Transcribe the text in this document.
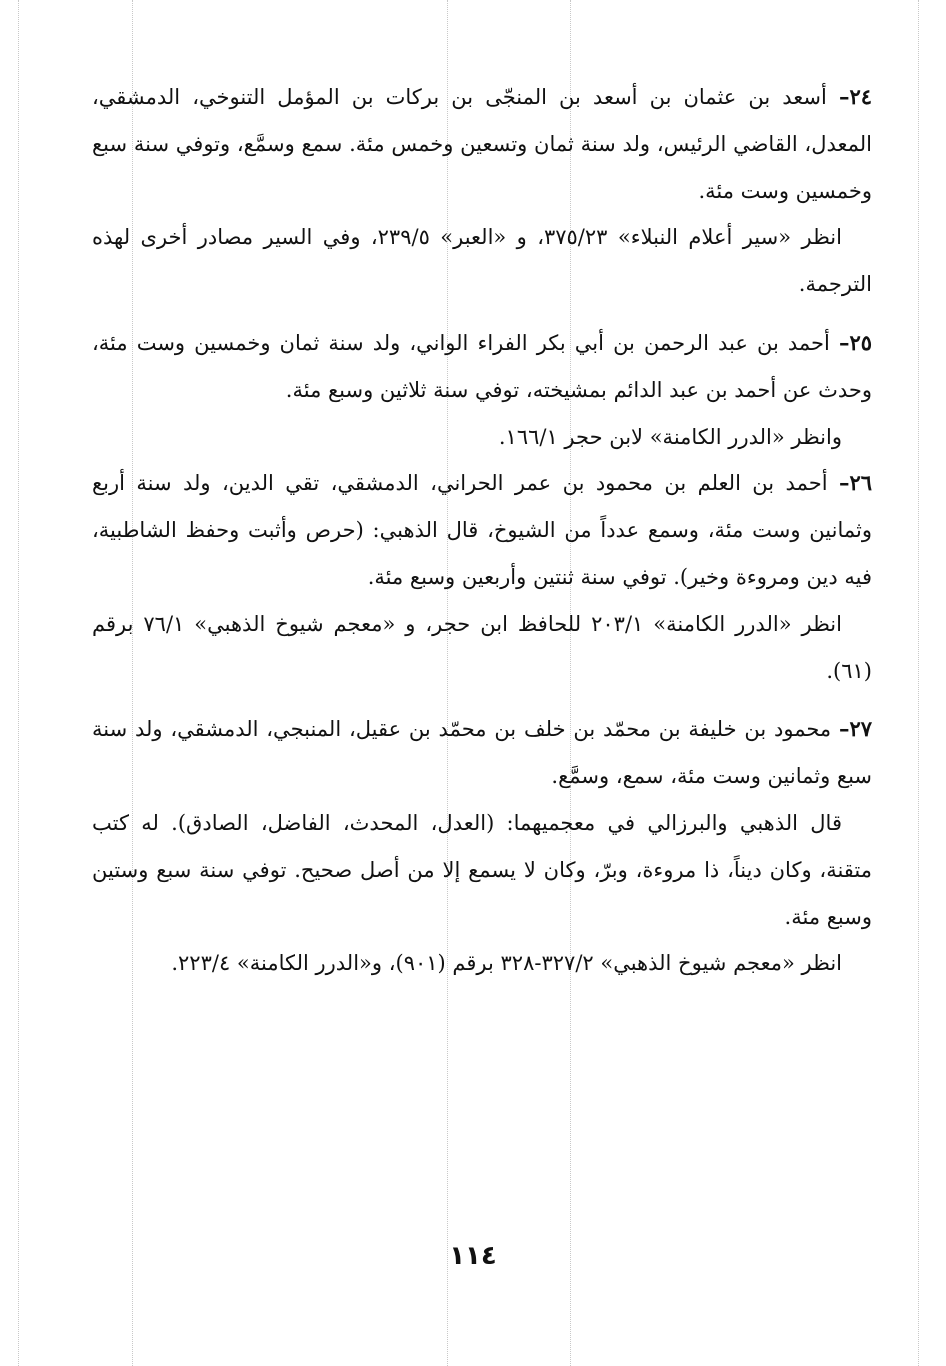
٢٤– أسعد بن عثمان بن أسعد بن المنجّى بن بركات بن المؤمل التنوخي، الدمشقي، المعدل، القاضي الرئيس، ولد سنة ثمان وتسعين وخمس مئة. سمع وسمَّع، وتوفي سنة سبع وخمسين وست مئة.

انظر «سير أعلام النبلاء» ٣٧٥/٢٣، و «العبر» ٢٣٩/٥، وفي السير مصادر أخرى لهذه الترجمة.

٢٥– أحمد بن عبد الرحمن بن أبي بكر الفراء الواني، ولد سنة ثمان وخمسين وست مئة، وحدث عن أحمد بن عبد الدائم بمشيخته، توفي سنة ثلاثين وسبع مئة.

وانظر «الدرر الكامنة» لابن حجر ١٦٦/١.

٢٦– أحمد بن العلم بن محمود بن عمر الحراني، الدمشقي، تقي الدين، ولد سنة أربع وثمانين وست مئة، وسمع عدداً من الشيوخ، قال الذهبي: (حرص وأثبت وحفظ الشاطبية، فيه دين ومروءة وخير). توفي سنة ثنتين وأربعين وسبع مئة.

انظر «الدرر الكامنة» ٢٠٣/١ للحافظ ابن حجر، و «معجم شيوخ الذهبي» ٧٦/١ برقم (٦١).

٢٧– محمود بن خليفة بن محمّد بن خلف بن محمّد بن عقيل، المنبجي، الدمشقي، ولد سنة سبع وثمانين وست مئة، سمع، وسمَّع.

قال الذهبي والبرزالي في معجميهما: (العدل، المحدث، الفاضل، الصادق). له كتب متقنة، وكان ديناً، ذا مروءة، وبرّ، وكان لا يسمع إلا من أصل صحيح. توفي سنة سبع وستين وسبع مئة.

انظر «معجم شيوخ الذهبي» ٣٢٧/٢-٣٢٨ برقم (٩٠١)، و«الدرر الكامنة» ٢٢٣/٤.

١١٤
